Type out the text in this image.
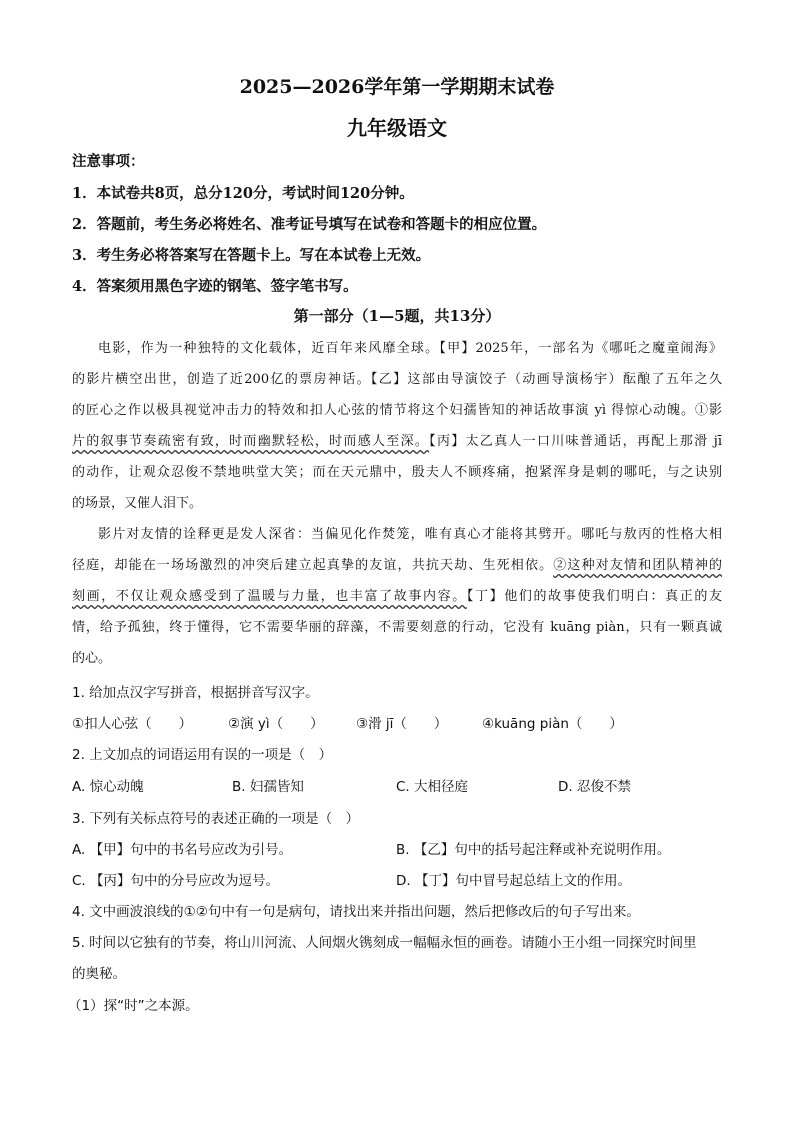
2025—2026学年第一学期期末试卷
九年级语文
注意事项：
1．本试卷共8页，总分120分，考试时间120分钟。
2．答题前，考生务必将姓名、准考证号填写在试卷和答题卡的相应位置。
3．考生务必将答案写在答题卡上。写在本试卷上无效。
4．答案须用黑色字迹的钢笔、签字笔书写。
第一部分（1—5题，共13分）
电影，作为一种独特的文化载体，近百年来风靡全球。【甲】2025年，一部名为《哪吒之魔童闹海》
的影片横空出世，创造了近200亿的票房神话。【乙】这部由导演饺子（动画导演杨宇）酝酿了五年之久
的匠心之作以极具视觉冲击力的特效和扣人心弦的情节将这个妇孺皆知的神话故事演 yì 得惊心动魄。①影
片的叙事节奏疏密有致，时而幽默轻松，时而感人至深。【丙】太乙真人一口川味普通话，再配上那滑 jī
的动作，让观众忍俊不禁地哄堂大笑；而在天元鼎中，殷夫人不顾疼痛，抱紧浑身是刺的哪吒，与之诀别
的场景，又催人泪下。
影片对友情的诠释更是发人深省：当偏见化作焚笼，唯有真心才能将其劈开。哪吒与敖丙的性格大相
径庭，却能在一场场激烈的冲突后建立起真挚的友谊，共抗天劫、生死相依。②这种对友情和团队精神的
刻画，不仅让观众感受到了温暖与力量，也丰富了故事内容。【丁】他们的故事使我们明白：真正的友
情，给予孤独，终于懂得，它不需要华丽的辞藻，不需要刻意的行动，它没有 kuāng piàn，只有一颗真诚
的心。
1. 给加点汉字写拼音，根据拼音写汉字。
①扣人心弦（　　）	②演 yì（　　） ③滑 jī（　　）	④kuāng piàn（　　）
2. 上文加点的词语运用有误的一项是（　）
A. 惊心动魄	B. 妇孺皆知	C. 大相径庭	D. 忍俊不禁
3. 下列有关标点符号的表述正确的一项是（　）
A. 【甲】句中的书名号应改为引号。	B. 【乙】句中的括号起注释或补充说明作用。
C. 【丙】句中的分号应改为逗号。	D. 【丁】句中冒号起总结上文的作用。
4. 文中画波浪线的①②句中有一句是病句，请找出来并指出问题，然后把修改后的句子写出来。
5. 时间以它独有的节奏，将山川河流、人间烟火镌刻成一幅幅永恒的画卷。请随小王小组一同探究时间里
的奥秘。
（1）探“时”之本源。
